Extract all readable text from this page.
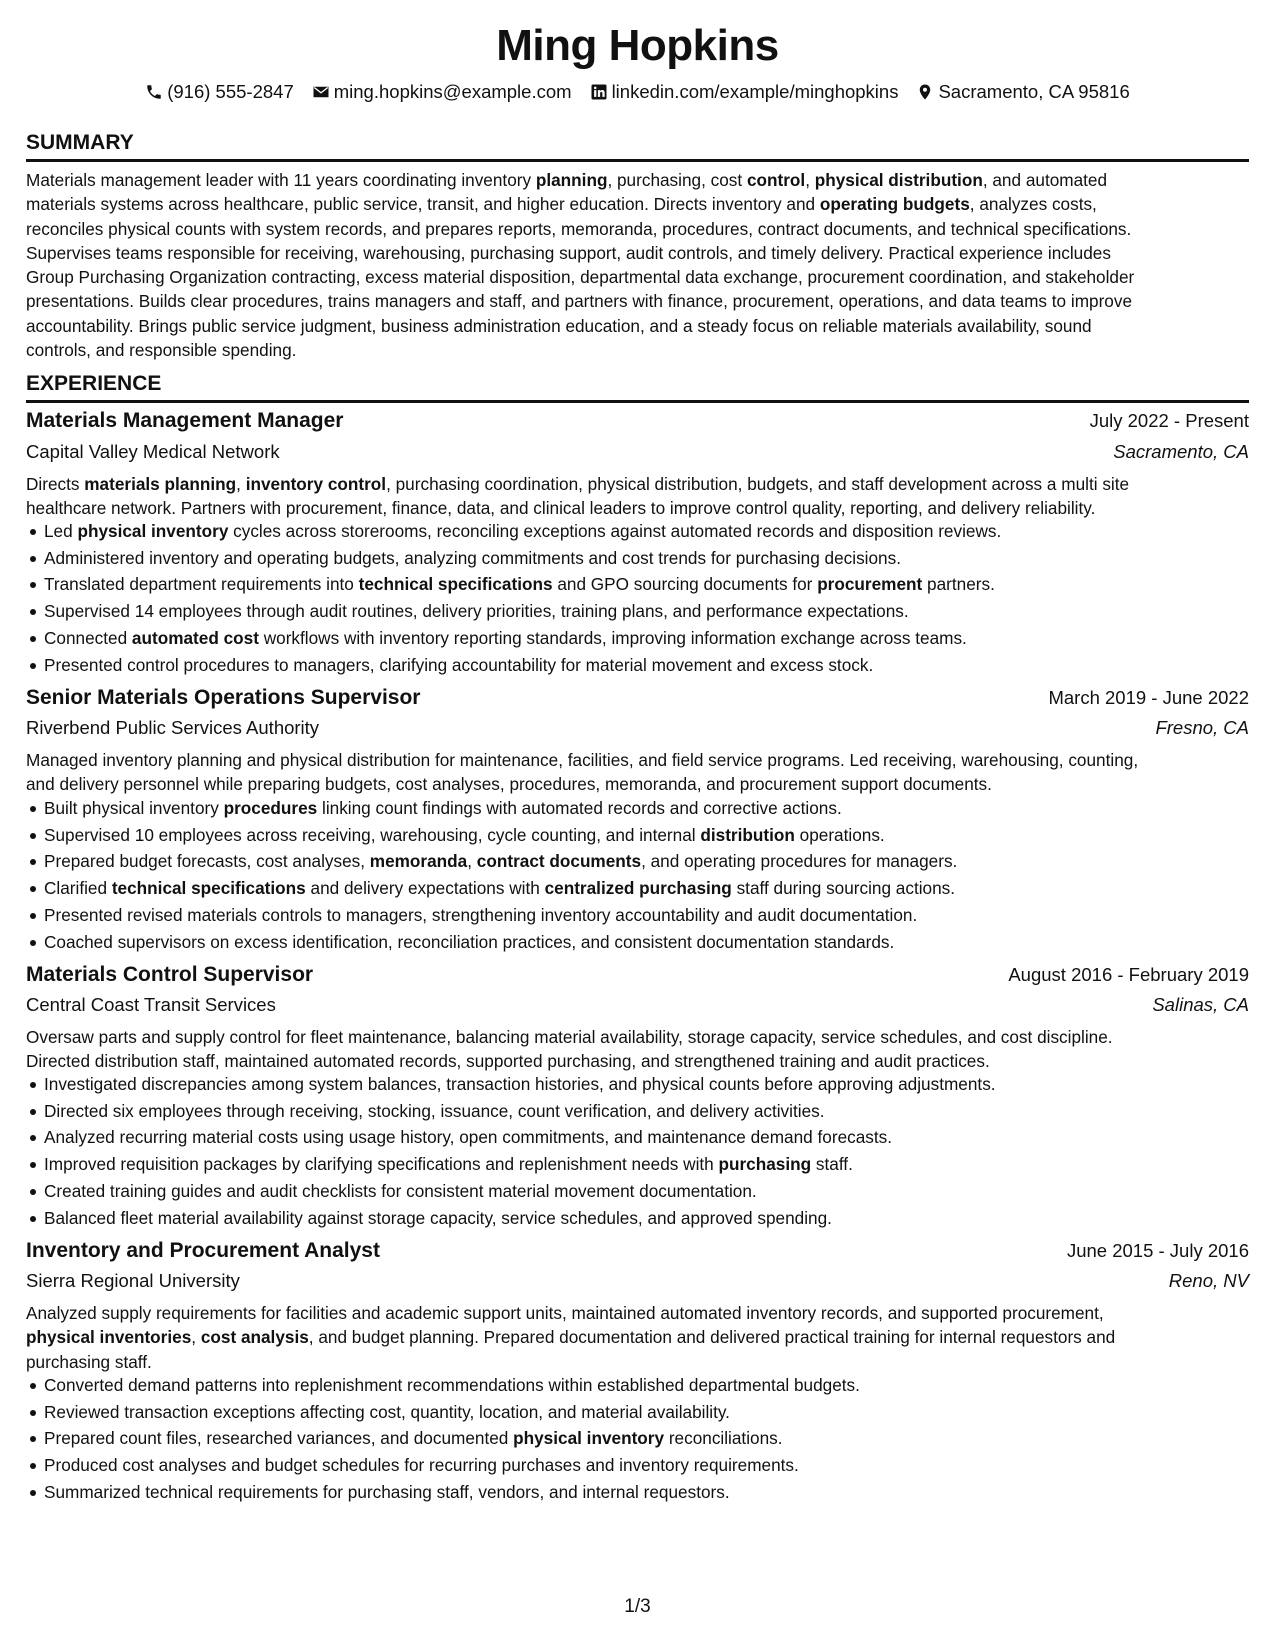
Ming Hopkins
(916) 555-2847 ming.hopkins@example.com linkedin.com/example/minghopkins Sacramento, CA 95816
SUMMARY

Materials management leader with 11 years coordinating inventory planning, purchasing, cost control, physical distribution, and automated
materials systems across healthcare, public service, transit, and higher education. Directs inventory and operating budgets, analyzes costs,
reconciles physical counts with system records, and prepares reports, memoranda, procedures, contract documents, and technical specifications.
Supervises teams responsible for receiving, warehousing, purchasing support, audit controls, and timely delivery. Practical experience includes
Group Purchasing Organization contracting, excess material disposition, departmental data exchange, procurement coordination, and stakeholder
presentations. Builds clear procedures, trains managers and staff, and partners with finance, procurement, operations, and data teams to improve
accountability. Brings public service judgment, business administration education, and a steady focus on reliable materials availability, sound
controls, and responsible spending.

EXPERIENCE
Materials Management Manager	July 2022 - Present
Capital Valley Medical Network	Sacramento, CA

Directs materials planning, inventory control, purchasing coordination, physical distribution, budgets, and staff development across a multi site
healthcare network. Partners with procurement, finance, data, and clinical leaders to improve control quality, reporting, and delivery reliability.

Led physical inventory cycles across storerooms, reconciling exceptions against automated records and disposition reviews.
Administered inventory and operating budgets, analyzing commitments and cost trends for purchasing decisions.
Translated department requirements into technical specifications and GPO sourcing documents for procurement partners.
Supervised 14 employees through audit routines, delivery priorities, training plans, and performance expectations.
Connected automated cost workflows with inventory reporting standards, improving information exchange across teams.
Presented control procedures to managers, clarifying accountability for material movement and excess stock.
Senior Materials Operations Supervisor	March 2019 - June 2022
Riverbend Public Services Authority	Fresno, CA

Managed inventory planning and physical distribution for maintenance, facilities, and field service programs. Led receiving, warehousing, counting,
and delivery personnel while preparing budgets, cost analyses, procedures, memoranda, and procurement support documents.

Built physical inventory procedures linking count findings with automated records and corrective actions.
Supervised 10 employees across receiving, warehousing, cycle counting, and internal distribution operations.
Prepared budget forecasts, cost analyses, memoranda, contract documents, and operating procedures for managers.
Clarified technical specifications and delivery expectations with centralized purchasing staff during sourcing actions.
Presented revised materials controls to managers, strengthening inventory accountability and audit documentation.
Coached supervisors on excess identification, reconciliation practices, and consistent documentation standards.
Materials Control Supervisor	August 2016 - February 2019
Central Coast Transit Services	Salinas, CA

Oversaw parts and supply control for fleet maintenance, balancing material availability, storage capacity, service schedules, and cost discipline.
Directed distribution staff, maintained automated records, supported purchasing, and strengthened training and audit practices.

Investigated discrepancies among system balances, transaction histories, and physical counts before approving adjustments.
Directed six employees through receiving, stocking, issuance, count verification, and delivery activities.
Analyzed recurring material costs using usage history, open commitments, and maintenance demand forecasts.
Improved requisition packages by clarifying specifications and replenishment needs with purchasing staff.
Created training guides and audit checklists for consistent material movement documentation.
Balanced fleet material availability against storage capacity, service schedules, and approved spending.
Inventory and Procurement Analyst	June 2015 - July 2016
Sierra Regional University	Reno, NV

Analyzed supply requirements for facilities and academic support units, maintained automated inventory records, and supported procurement,
physical inventories, cost analysis, and budget planning. Prepared documentation and delivered practical training for internal requestors and
purchasing staff.

Converted demand patterns into replenishment recommendations within established departmental budgets.
Reviewed transaction exceptions affecting cost, quantity, location, and material availability.
Prepared count files, researched variances, and documented physical inventory reconciliations.
Produced cost analyses and budget schedules for recurring purchases and inventory requirements.
Summarized technical requirements for purchasing staff, vendors, and internal requestors.
1/3
